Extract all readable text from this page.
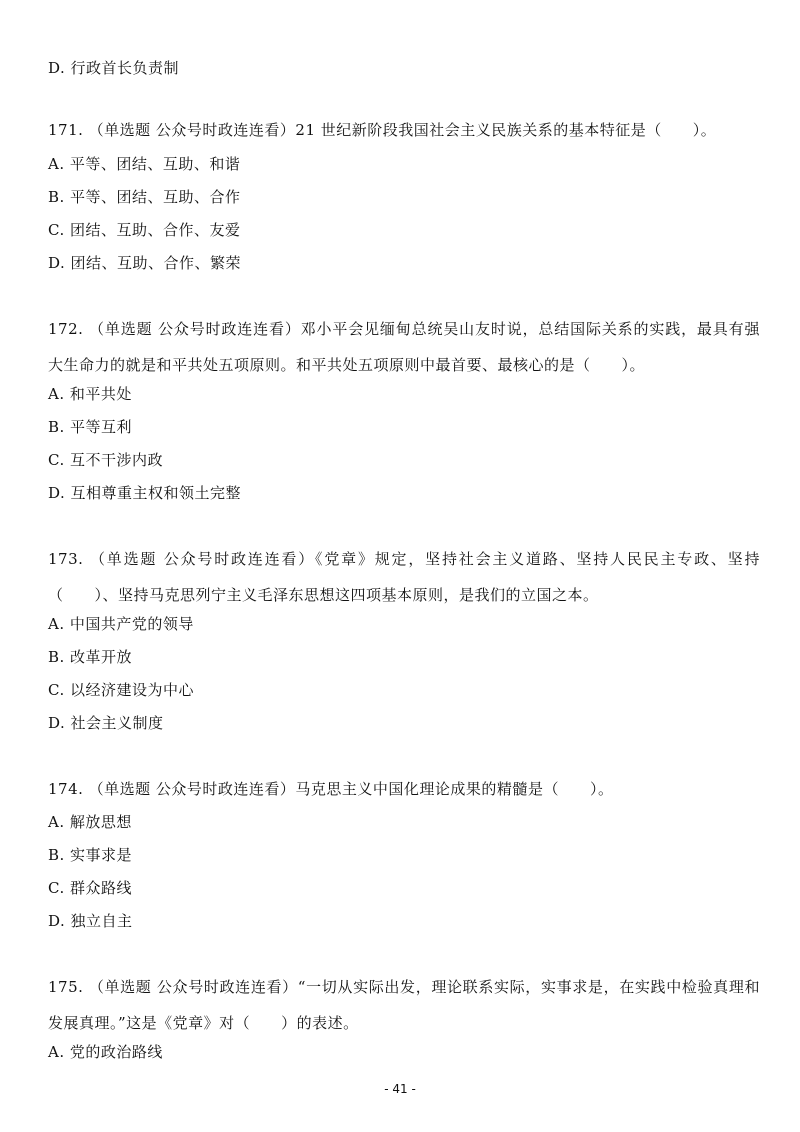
D. 行政首长负责制
171. （单选题 公众号时政连连看）21 世纪新阶段我国社会主义民族关系的基本特征是（　　）。
A. 平等、团结、互助、和谐
B. 平等、团结、互助、合作
C. 团结、互助、合作、友爱
D. 团结、互助、合作、繁荣
172. （单选题 公众号时政连连看）邓小平会见缅甸总统吴山友时说，总结国际关系的实践，最具有强大生命力的就是和平共处五项原则。和平共处五项原则中最首要、最核心的是（　　）。
A. 和平共处
B. 平等互利
C. 互不干涉内政
D. 互相尊重主权和领土完整
173. （单选题 公众号时政连连看）《党章》规定，坚持社会主义道路、坚持人民民主专政、坚持（　　）、坚持马克思列宁主义毛泽东思想这四项基本原则，是我们的立国之本。
A. 中国共产党的领导
B. 改革开放
C. 以经济建设为中心
D. 社会主义制度
174. （单选题 公众号时政连连看）马克思主义中国化理论成果的精髓是（　　）。
A. 解放思想
B. 实事求是
C. 群众路线
D. 独立自主
175. （单选题 公众号时政连连看）“一切从实际出发，理论联系实际，实事求是，在实践中检验真理和发展真理。”这是《党章》对（　　）的表述。
A. 党的政治路线
- 41 -
